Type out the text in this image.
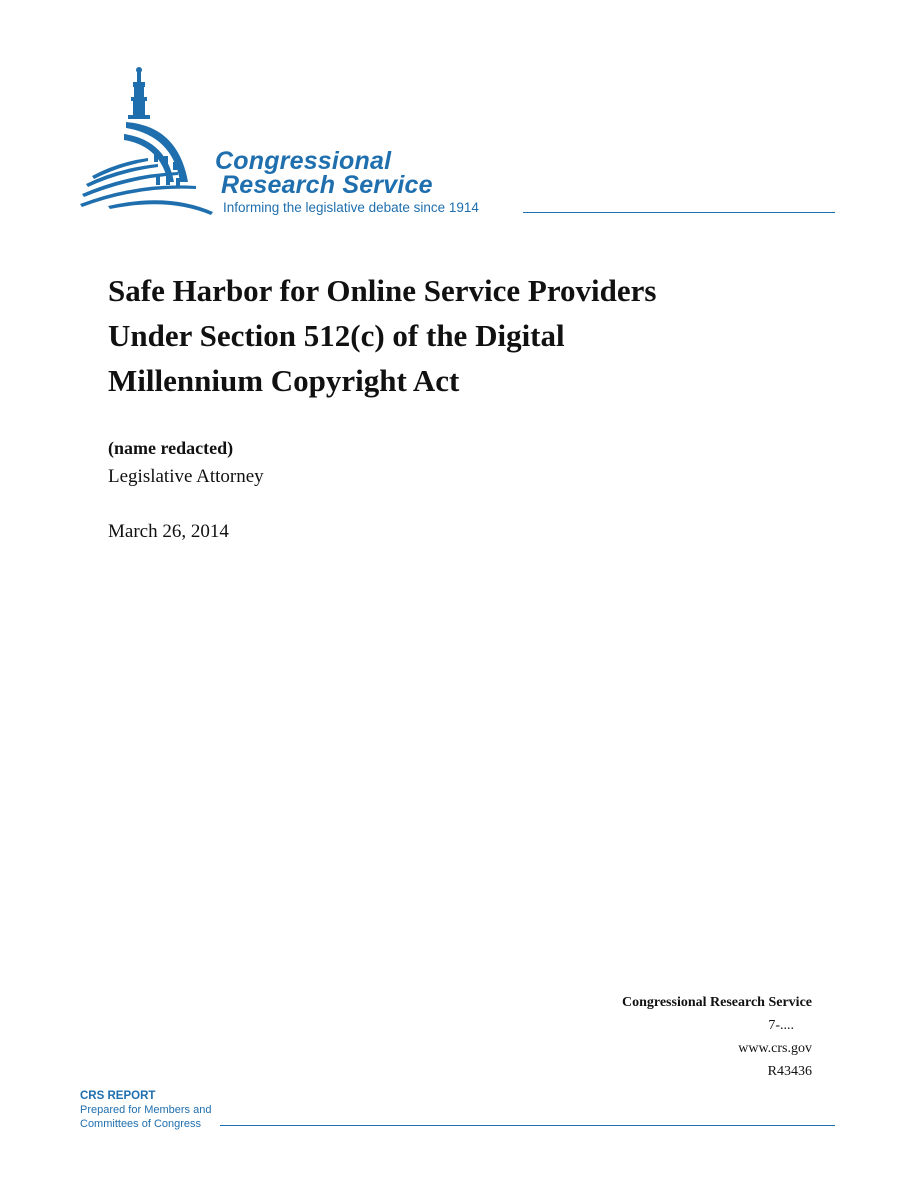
Congressional
Research Service
Informing the legislative debate since 1914
Safe Harbor for Online Service Providers
Under Section 512(c) of the Digital
Millennium Copyright Act
(name redacted)
Legislative Attorney
March 26, 2014
Congressional Research Service
7-....
www.crs.gov
R43436
CRS REPORT
Prepared for Members and
Committees of Congress
